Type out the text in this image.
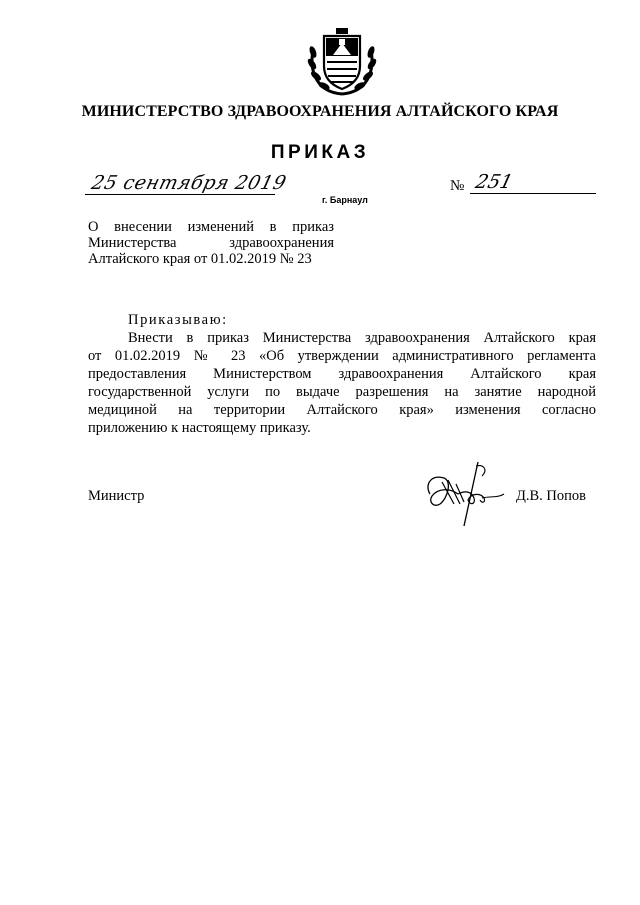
МИНИСТЕРСТВО ЗДРАВООХРАНЕНИЯ АЛТАЙСКОГО КРАЯ
ПРИКАЗ
25 сентября 2019
г. Барнаул
№ 251
О внесении изменений в приказ
Министерства здравоохранения
Алтайского края от 01.02.2019 № 23
Приказываю:
Внести в приказ Министерства здравоохранения Алтайского края
от 01.02.2019 № 23 «Об утверждении административного регламента
предоставления Министерством здравоохранения Алтайского края
государственной услуги по выдаче разрешения на занятие народной
медициной на территории Алтайского края» изменения согласно
приложению к настоящему приказу.
Министр	Д.В. Попов
